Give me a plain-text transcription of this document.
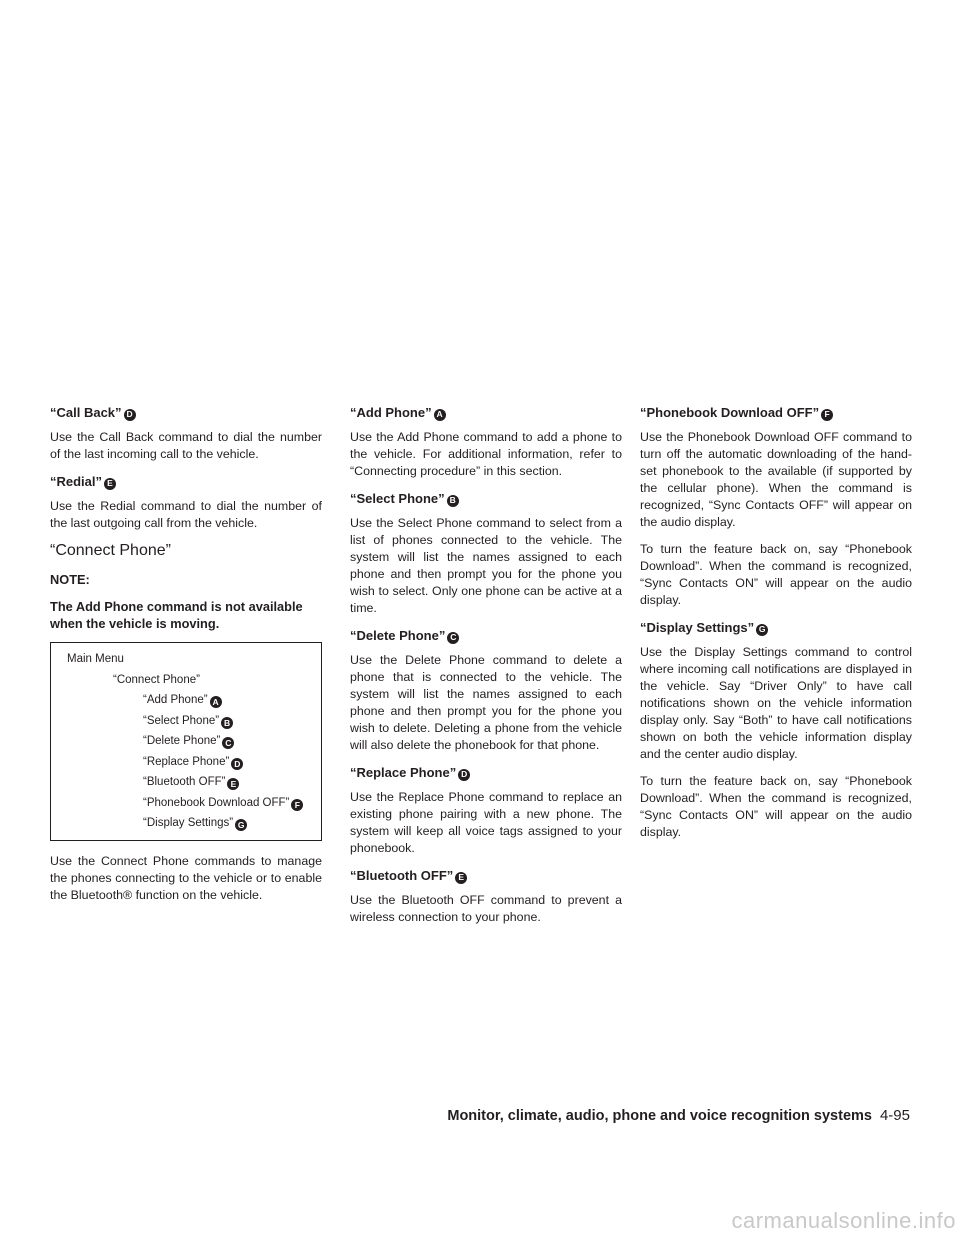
“Call Back” D

Use the Call Back command to dial the number of the last incoming call to the vehicle.

“Redial” E

Use the Redial command to dial the number of the last outgoing call from the vehicle.

“Connect Phone”
NOTE:
The Add Phone command is not available when the vehicle is moving.
Main Menu
“Connect Phone”
“Add Phone” A
“Select Phone” B
“Delete Phone” C
“Replace Phone” D
“Bluetooth OFF” E
“Phonebook Download OFF” F
“Display Settings” G

Use the Connect Phone commands to manage the phones connecting to the vehicle or to enable the Bluetooth® function on the vehicle.

“Add Phone” A

Use the Add Phone command to add a phone to the vehicle. For additional information, refer to “Connecting procedure” in this section.

“Select Phone” B

Use the Select Phone command to select from a list of phones connected to the vehicle. The system will list the names assigned to each phone and then prompt you for the phone you wish to select. Only one phone can be active at a time.

“Delete Phone” C

Use the Delete Phone command to delete a phone that is connected to the vehicle. The system will list the names assigned to each phone and then prompt you for the phone you wish to delete. Deleting a phone from the vehicle will also delete the phonebook for that phone.

“Replace Phone” D

Use the Replace Phone command to replace an existing phone pairing with a new phone. The system will keep all voice tags assigned to your phonebook.

“Bluetooth OFF” E

Use the Bluetooth OFF command to prevent a wireless connection to your phone.

“Phonebook Download OFF” F

Use the Phonebook Download OFF command to turn off the automatic downloading of the hand-set phonebook to the available (if supported by the cellular phone). When the command is recognized, “Sync Contacts OFF” will appear on the audio display.

To turn the feature back on, say “Phonebook Download”. When the command is recognized, “Sync Contacts ON” will appear on the audio display.

“Display Settings” G

Use the Display Settings command to control where incoming call notifications are displayed in the vehicle. Say “Driver Only” to have call notifications shown on the vehicle information display only. Say “Both” to have call notifications shown on both the vehicle information display and the center audio display.

To turn the feature back on, say “Phonebook Download”. When the command is recognized, “Sync Contacts ON” will appear on the audio display.

Monitor, climate, audio, phone and voice recognition systems 4-95
carmanualsonline.info
